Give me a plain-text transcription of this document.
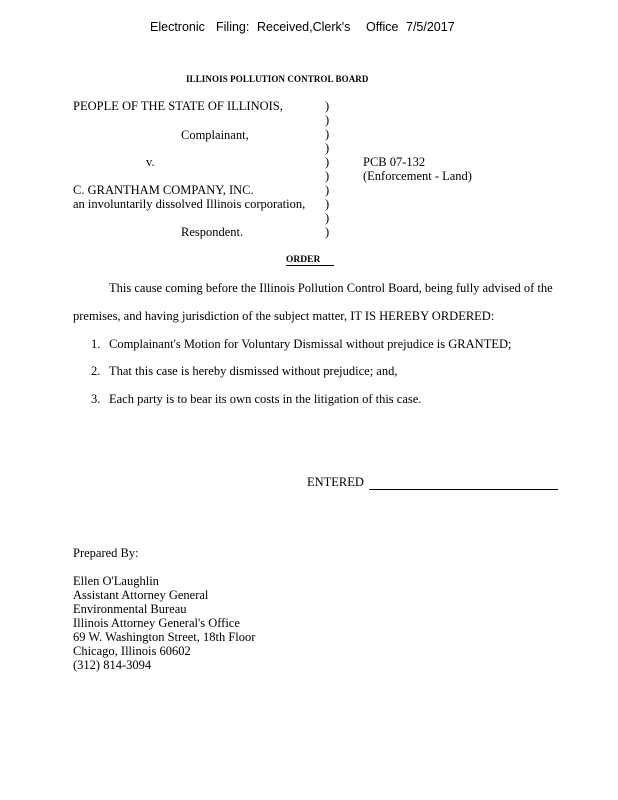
Electronic Filing: Received,Clerk's Office 7/5/2017
ILLINOIS POLLUTION CONTROL BOARD
PEOPLE OF THE STATE OF ILLINOIS,
Complainant,
v.
C. GRANTHAM COMPANY, INC.
an involuntarily dissolved Illinois corporation,
Respondent.
)
)
)
)
)
)
)
)
)
)
PCB 07-132
(Enforcement - Land)
ORDER
This cause coming before the Illinois Pollution Control Board, being fully advised of the
premises, and having jurisdiction of the subject matter, IT IS HEREBY ORDERED:
1. Complainant's Motion for Voluntary Dismissal without prejudice is GRANTED;
2. That this case is hereby dismissed without prejudice; and,
3. Each party is to bear its own costs in the litigation of this case.
ENTERED
Prepared By:
Ellen O'Laughlin
Assistant Attorney General
Environmental Bureau
Illinois Attorney General's Office
69 W. Washington Street, 18th Floor
Chicago, Illinois 60602
(312) 814-3094
